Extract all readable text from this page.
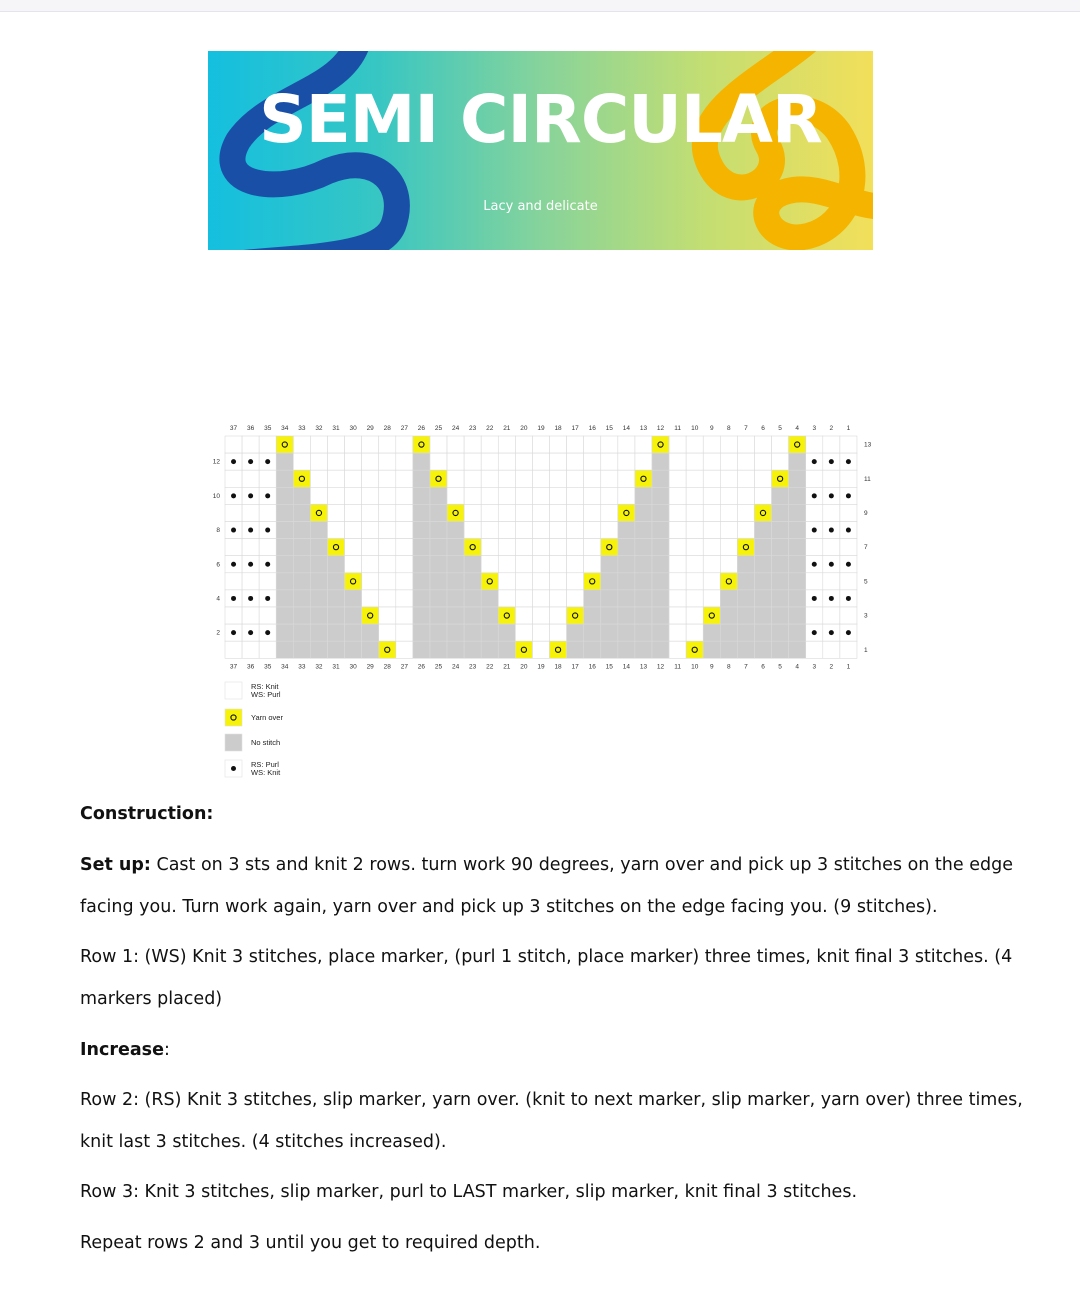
SEMI CIRCULAR
Lacy and delicate
37
37
36
36
35
35
34
34
33
33
32
32
31
31
30
30
29
29
28
28
27
27
26
26
25
25
24
24
23
23
22
22
21
21
20
20
19
19
18
18
17
17
16
16
15
15
14
14
13
13
12
12
11
11
10
10
9
9
8
8
7
7
6
6
5
5
4
4
3
3
2
2
1
1
13
11
9
7
5
3
1
12
10
8
6
4
2
RS: Knit
WS: Purl
Yarn over
No stitch
RS: Purl
WS: Knit
Construction:
Set up: Cast on 3 sts and knit 2 rows. turn work 90 degrees, yarn over and pick up 3 stitches on the edge
facing you. Turn work again, yarn over and pick up 3 stitches on the edge facing you. (9 stitches).
Row 1: (WS) Knit 3 stitches, place marker, (purl 1 stitch, place marker) three times, knit final 3 stitches. (4
markers placed)
Increase:
Row 2: (RS) Knit 3 stitches, slip marker, yarn over. (knit to next marker, slip marker, yarn over) three times,
knit last 3 stitches. (4 stitches increased).
Row 3: Knit 3 stitches, slip marker, purl to LAST marker, slip marker, knit final 3 stitches.
Repeat rows 2 and 3 until you get to required depth.
